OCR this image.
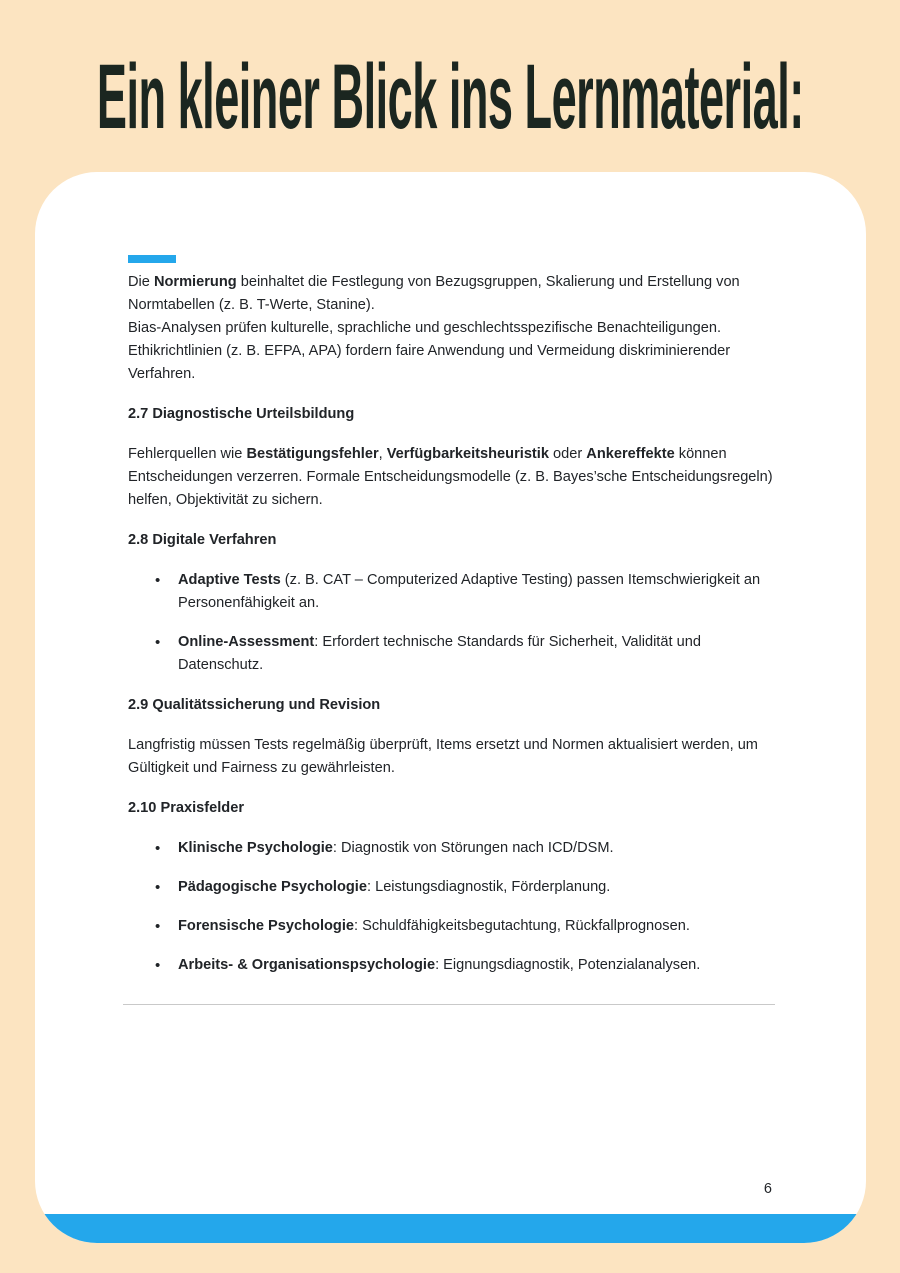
Ein kleiner Blick ins Lernmaterial:

Die Normierung beinhaltet die Festlegung von Bezugsgruppen, Skalierung und Erstellung von Normtabellen (z. B. T-Werte, Stanine).
Bias-Analysen prüfen kulturelle, sprachliche und geschlechtsspezifische Benachteiligungen.
Ethikrichtlinien (z. B. EFPA, APA) fordern faire Anwendung und Vermeidung diskriminierender Verfahren.

2.7 Diagnostische Urteilsbildung

Fehlerquellen wie Bestätigungsfehler, Verfügbarkeitsheuristik oder Ankereffekte können Entscheidungen verzerren. Formale Entscheidungsmodelle (z. B. Bayes’sche Entscheidungsregeln) helfen, Objektivität zu sichern.

2.8 Digitale Verfahren

• Adaptive Tests (z. B. CAT – Computerized Adaptive Testing) passen Itemschwierigkeit an Personenfähigkeit an.
• Online-Assessment: Erfordert technische Standards für Sicherheit, Validität und Datenschutz.

2.9 Qualitätssicherung und Revision

Langfristig müssen Tests regelmäßig überprüft, Items ersetzt und Normen aktualisiert werden, um Gültigkeit und Fairness zu gewährleisten.

2.10 Praxisfelder

• Klinische Psychologie: Diagnostik von Störungen nach ICD/DSM.
• Pädagogische Psychologie: Leistungsdiagnostik, Förderplanung.
• Forensische Psychologie: Schuldfähigkeitsbegutachtung, Rückfallprognosen.
• Arbeits- & Organisationspsychologie: Eignungsdiagnostik, Potenzialanalysen.
6
